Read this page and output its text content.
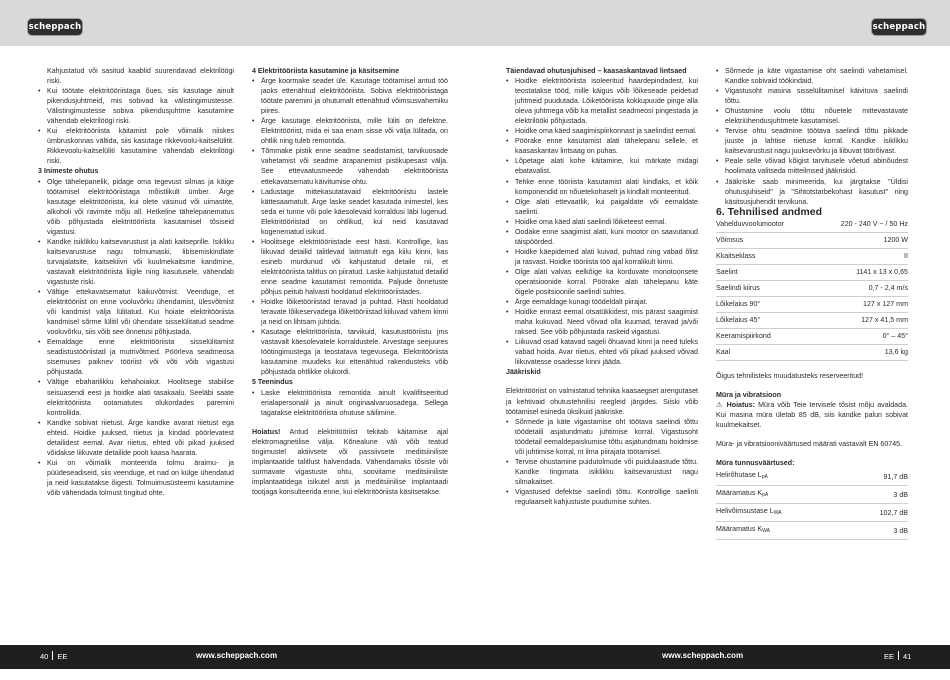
scheppach	scheppach

Kahjustatud või sasitud kaablid suurendavad elektrilöögi riski.

• Kui töötate elektritööriistaga õues, siis kasutage ainult pikendusjuhtmeid, mis sobivad ka välistingimustesse. Välistingimustesse sobiva pikendusjuhtme kasutamine vähendab elektrilöögi riski.
• Kui elektritööriista käitamist pole võimalik niiskes ümbruskonnas vältida, siis kasutage rikkevoolu-kaitselülitit. Rikkevoolu-kaitselüliti kasutamine vähendab elektrilöögi riski.

3 Inimeste ohutus

• Olge tähelepanelik, pidage oma tegevust silmas ja käige töötamisel elektritööriistaga mõistlikult ümber. Ärge kasutage elektritööriista, kui olete väsinud või uimastite, alkoholi või ravimite mõju all. Hetkeline tähelepanematus võib põhjustada elektritööriista kasutamisel tõsiseid vigastusi.
• Kandke isiklikku kaitsevarustust ja alati kaitseprille. Isikliku kaitsevarustuse nagu tolmumaski, libisemiskindlate turvajalatsite, kaitsekiivri või kuulmekaitsme kandmine, vastavalt elektritööriista liigile ning kasutusele, vähendab vigastuste riski.
• Vältige ettekavatsematut käikuvõtmist. Veenduge, et elektritööriist on enne vooluvõrku ühendamist, ülesvõtmist või kandmist välja lülitatud. Kui hoiate elektritööriista kandmisel sõrme lülitil või ühendate sisselülitatud seadme vooluvõrku, siis võib see õnnetusi põhjustada.
• Eemaldage enne elektritööriista sisselülitamist seadistustööriistad ja mutrivõtmed. Pöörleva seadmeosa sisemuses paiknev tööriist või võti võib vigastusi põhjustada.
• Vältige ebaharilikku kehahoiakut. Hoolitsege stabiilse seisuasendi eest ja hoidke alati tasakaalu. Seeläbi saate elektritööriista ootamatutes olukordades paremini kontrollida.
• Kandke sobivat riietust. Ärge kandke avarat riietust ega ehteid. Hoidke juuksed, riietus ja kindad pöörlevatest detailidest eemal. Avar riietus, ehted või pikad juuksed võidakse liikuvate detailide poolt kaasa haarata.
• Kui on võimalik monteerida tolmu äraimu- ja püüdeseadiseid, siis veenduge, et nad on külge ühendatud ja neid kasutatakse õigesti. Tolmuimusüsteemi kasutamine võib vähendada tolmust tingitud ohte.

4 Elektritööriista kasutamine ja käsitsemine

• Ärge koormake seadet üle. Kasutage töötamisel antud töö jaoks ettenähtud elektritööriista. Sobiva elektritööriistaga töötate paremini ja ohutumalt ettenähtud võimsusvahemiku piires.
• Ärge kasutage elektritööriista, mille lüliti on defektne. Elektritööriist, mida ei saa enam sisse või välja lülitada, on ohtlik ning tuleb remontida.
• Tõmmake pistik enne seadme seadistamist, tarvikuosade vahetamist või seadme ärapanemist pistikupesast välja. See ettevaatusmeede vähendab elektritööriista ettekavatsematu käivitumise ohtu.
• Ladustage mittekasutatavaid elektritööriistu lastele kättesaamatult. Ärge laske seadet kasutada inimestel, kes seda ei tunne või pole käesolevaid korraldusi läbi lugenud. Elektritööriistad on ohtlikud, kui neid kasutavad kogenematud isikud.
• Hoolitsege elektritööriistade eest hästi. Kontrollige, kas liikuvad detailid talitlevad laitmatult ega kiilu kinni, kas esineb murdunud või kahjustatud detaile nii, et elektritööriista talitlus on piiratud. Laske kahjustatud detailid enne seadme kasutamist remontida. Paljude õnnetuste põhjus peitub halvasti hooldatud elektritööriistades.
• Hoidke lõiketööriistad teravad ja puhtad. Hästi hooldatud teravate lõikeservadega lõiketööriistad kiiluvad vähem kinni ja neid on lihtsam juhtida.
• Kasutage elektritööriista, tarvikuid, kasutustööriistu jms vastavalt käesolevatele korraldustele. Arvestage seejuures töötingimustega ja teostatava tegevusega. Elektritööriista kasutamine muudeks kui ettenähtud rakendusteks võib põhjustada ohtlikke olukordi.

5 Teenindus

• Laske elektritööriista remontida ainult kvalifitseeritud erialapersonalil ja ainult originaalvaruosadega. Sellega tagatakse elektritööriista ohutuse säilimine.

Hoiatus! Antud elektritööriist tekitab käitamise ajal elektromagnetilise välja. Kõnealune väli võib teatud tingimustel aktiivsete või passiivsete meditsiiniliste implantaatide talitlust halvendada. Vähendamaks tõsiste või surmavate vigastuste ohtu, soovitame meditsiiniliste implantaatidega isikutel arsti ja meditsiinilise implantaadi tootjaga konsulteerida enne, kui elektritööriista käsitsetakse.

Täiendavad ohutusjuhised – kaasaskantavad lintsaed

• Hoidke elektritööriista isoleeritud haardepindadest, kui teostatakse tööd, mille käigus võib lõikeseade peidetud juhtmeid puudutada. Lõiketööriista kokkupuude pinge alla oleva juhtmega võib ka metallist seadmeosi pingestada ja elektrilööki põhjustada.
• Hoidke oma käed saagimispiirkonnast ja saelindist eemal.
• Pöörake enne kasutamist alati tähelepanu sellele, et kaasaskantav lintsaag on puhas.
• Lõpetage alati kohe käitamine, kui märkate midagi ebatavalist.
• Tehke enne tööriista kasutamist alati kindlaks, et kõik komponendid on nõuetekohaselt ja kindlalt monteeritud.
• Olge alati ettevaatlik, kui paigaldate või eemaldate saelinti.
• Hoidke oma käed alati saelindi lõiketeest eemal.
• Oodake enne saagimist alati, kuni mootor on saavutanud täispöörded.
• Hoidke käepidemed alati kuivad, puhtad ning vabad õlist ja rasvast. Hoidke tööriista töö ajal korralikult kinni.
• Olge alati valvas eelkõige ka korduvate monotoonsete operatsioonide korral. Pöörake alati tähelepanu käte õigele positsioonile saelindi suhtes.
• Ärge eemaldage kunagi töödeldalt piirajat.
• Hoidke ennast eemal otsatükkidest, mis pärast saagimist maha kukuvad. Need võivad olla kuumad, teravad ja/või raksed. See võib põhjustada raskeid vigastusi.
• Liikuvad osad katavad sageli õhuavad kinni ja need tuleks vabad hoida. Avar riietus, ehted või pikad juuksed võivad liikuvatesse osadesse kinni jääda.

Jääkriskid

Elektritööriist on valmistatud tehnika kaasaegset arengutaset ja kehtivaid ohutustehnilisi reegleid järgides. Siiski võib töötamisel esineda üksikuid jääkriske.

• Sõrmede ja käte vigastamise oht töötava saelindi tõttu töödetaili asjatundmatu juhtimise korral. Vigastusoht töödetail eemaldepaiskumise tõttu asjatundmatu hoidmise või juhtimise korral, nt ilma piirajata töötamisel.
• Tervise ohustamine puidutolmude või puidulaastude tõttu. Kandke tingimata isiklikku kaitsevarustust nagu silmakaitset.
• Vigastused defektse saelindi tõttu. Kontrollige saelinti regulaarselt kahjustuste puudumise suhtes.
• Sõrmede ja käte vigastamise oht saelindi vahetamisel. Kandke sobivaid töökindaid.
• Vigastusoht masina sisselülitamisel käivituva saelindi tõttu.
• Ohustamine voolu tõttu nõuetele mittevastavate elektriühendusjuhtmete kasutamisel.
• Tervise ohtu seadmine töötava saelindi tõttu pikkade juuste ja lahtise riietuse korral. Kandke isiklikku kaitsevarustust nagu juuksevõrku ja liibuvat töörõivast.
• Peale selle võivad kõigist tarvitusele võetud abinõudest hoolimata valitseda mitteilmsed jääkriskid.
• Jääkriske saab minimeerida, kui järgitakse "Üldisi ohutusjuhiseid" ja "Sihtotstarbekohast kasutust" ning käsitsusjuhendit tervikuna.

6. Tehnilised andmed

Vahelduvvoolumootor	220 - 240 V ~ / 50 Hz
Võimsus	1200 W
Kkaitseklass	II
Saelint	1141 x 13 x 0,65
Saelindi kiirus	0,7 - 2,4 m/s
Lõikelaius 90°	127 x 127 mm
Lõikelaius 45°	127 x 41,5 mm
Keeramispiirkond	0° – 45°
Kaal	13,6 kg

Õigus tehnilisteks muudatusteks reserveeritud!

Müra ja vibratsioon

⚠ Hoiatus: Müra võib Teie tervisele tõsist mõju avaldada. Kui masina müra ületab 85 dB, siis kandke palun sobivat kuulmekaitset.

Müra- ja vibratsiooniväärtused määrati vastavalt EN 60745.

Müra tunnusväärtused:

Helirõhutase $L_{pA}$	91,7 dB
Määramatus $K_{pA}$	3 dB
Helivõimsustase $L_{WA}$	102,7 dB
Määramatus $K_{WA}$	3 dB
40 EE	www.scheppach.com	www.scheppach.com	EE 41
